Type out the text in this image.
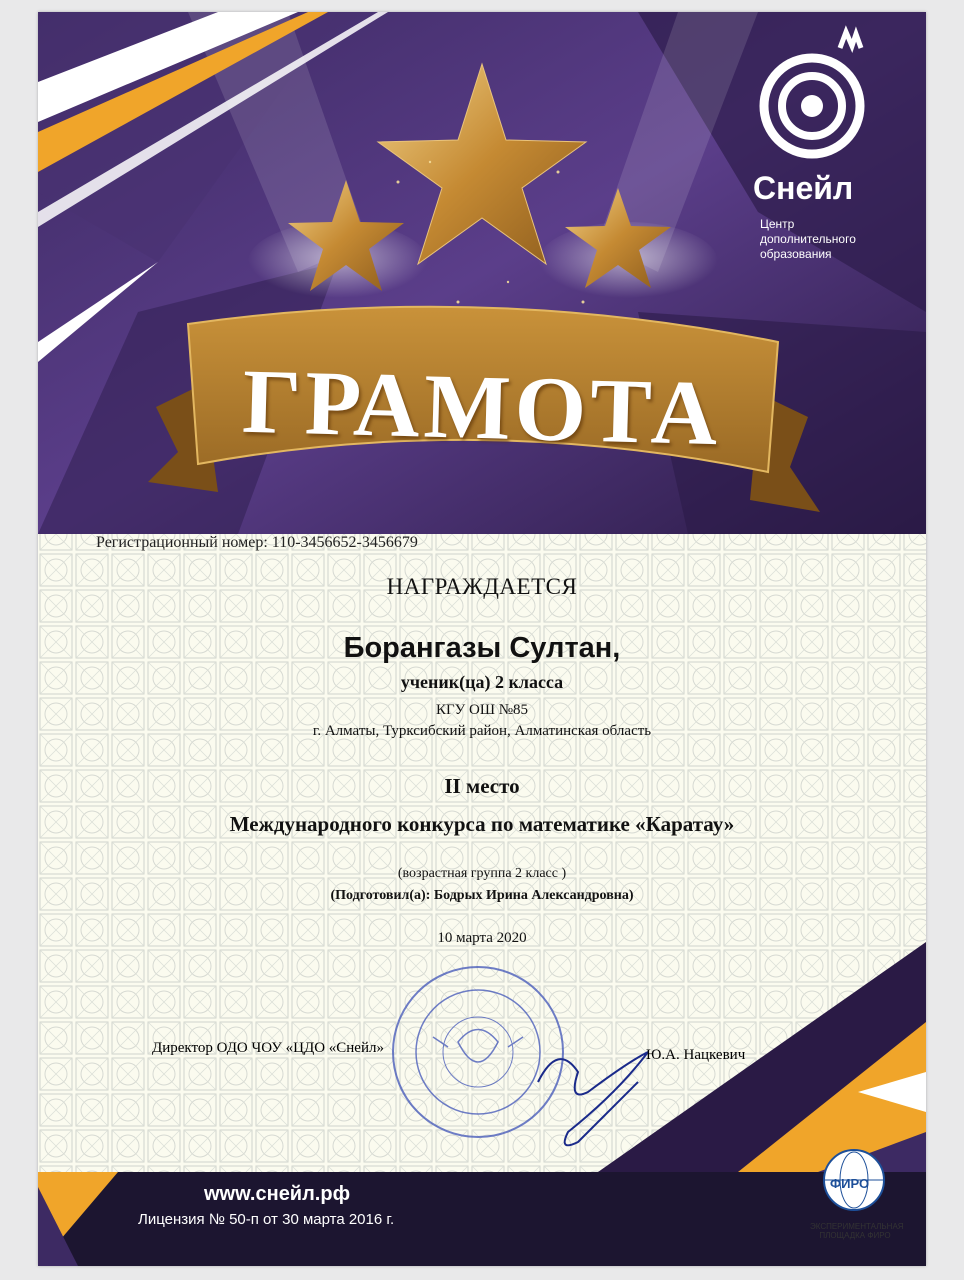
ГРАМОТА
Снейл
Центр
дополнительного
образования
Регистрационный номер: 110-3456652-3456679
НАГРАЖДАЕТСЯ
Борангазы Султан,
ученик(ца) 2 класса
КГУ ОШ №85
г. Алматы, Турксибский район, Алматинская область
II место
Международного конкурса по математике «Каратау»
(возрастная группа 2 класс )
(Подготовил(а): Бодрых Ирина Александровна)
10 марта 2020
Директор ОДО ЧОУ «ЦДО «Снейл»	Ю.А. Нацкевич
ФИРО
ЭКСПЕРИМЕНТАЛЬНАЯ ПЛОЩАДКА ФИРО
www.снейл.рф
Лицензия № 50-п от 30 марта 2016 г.
